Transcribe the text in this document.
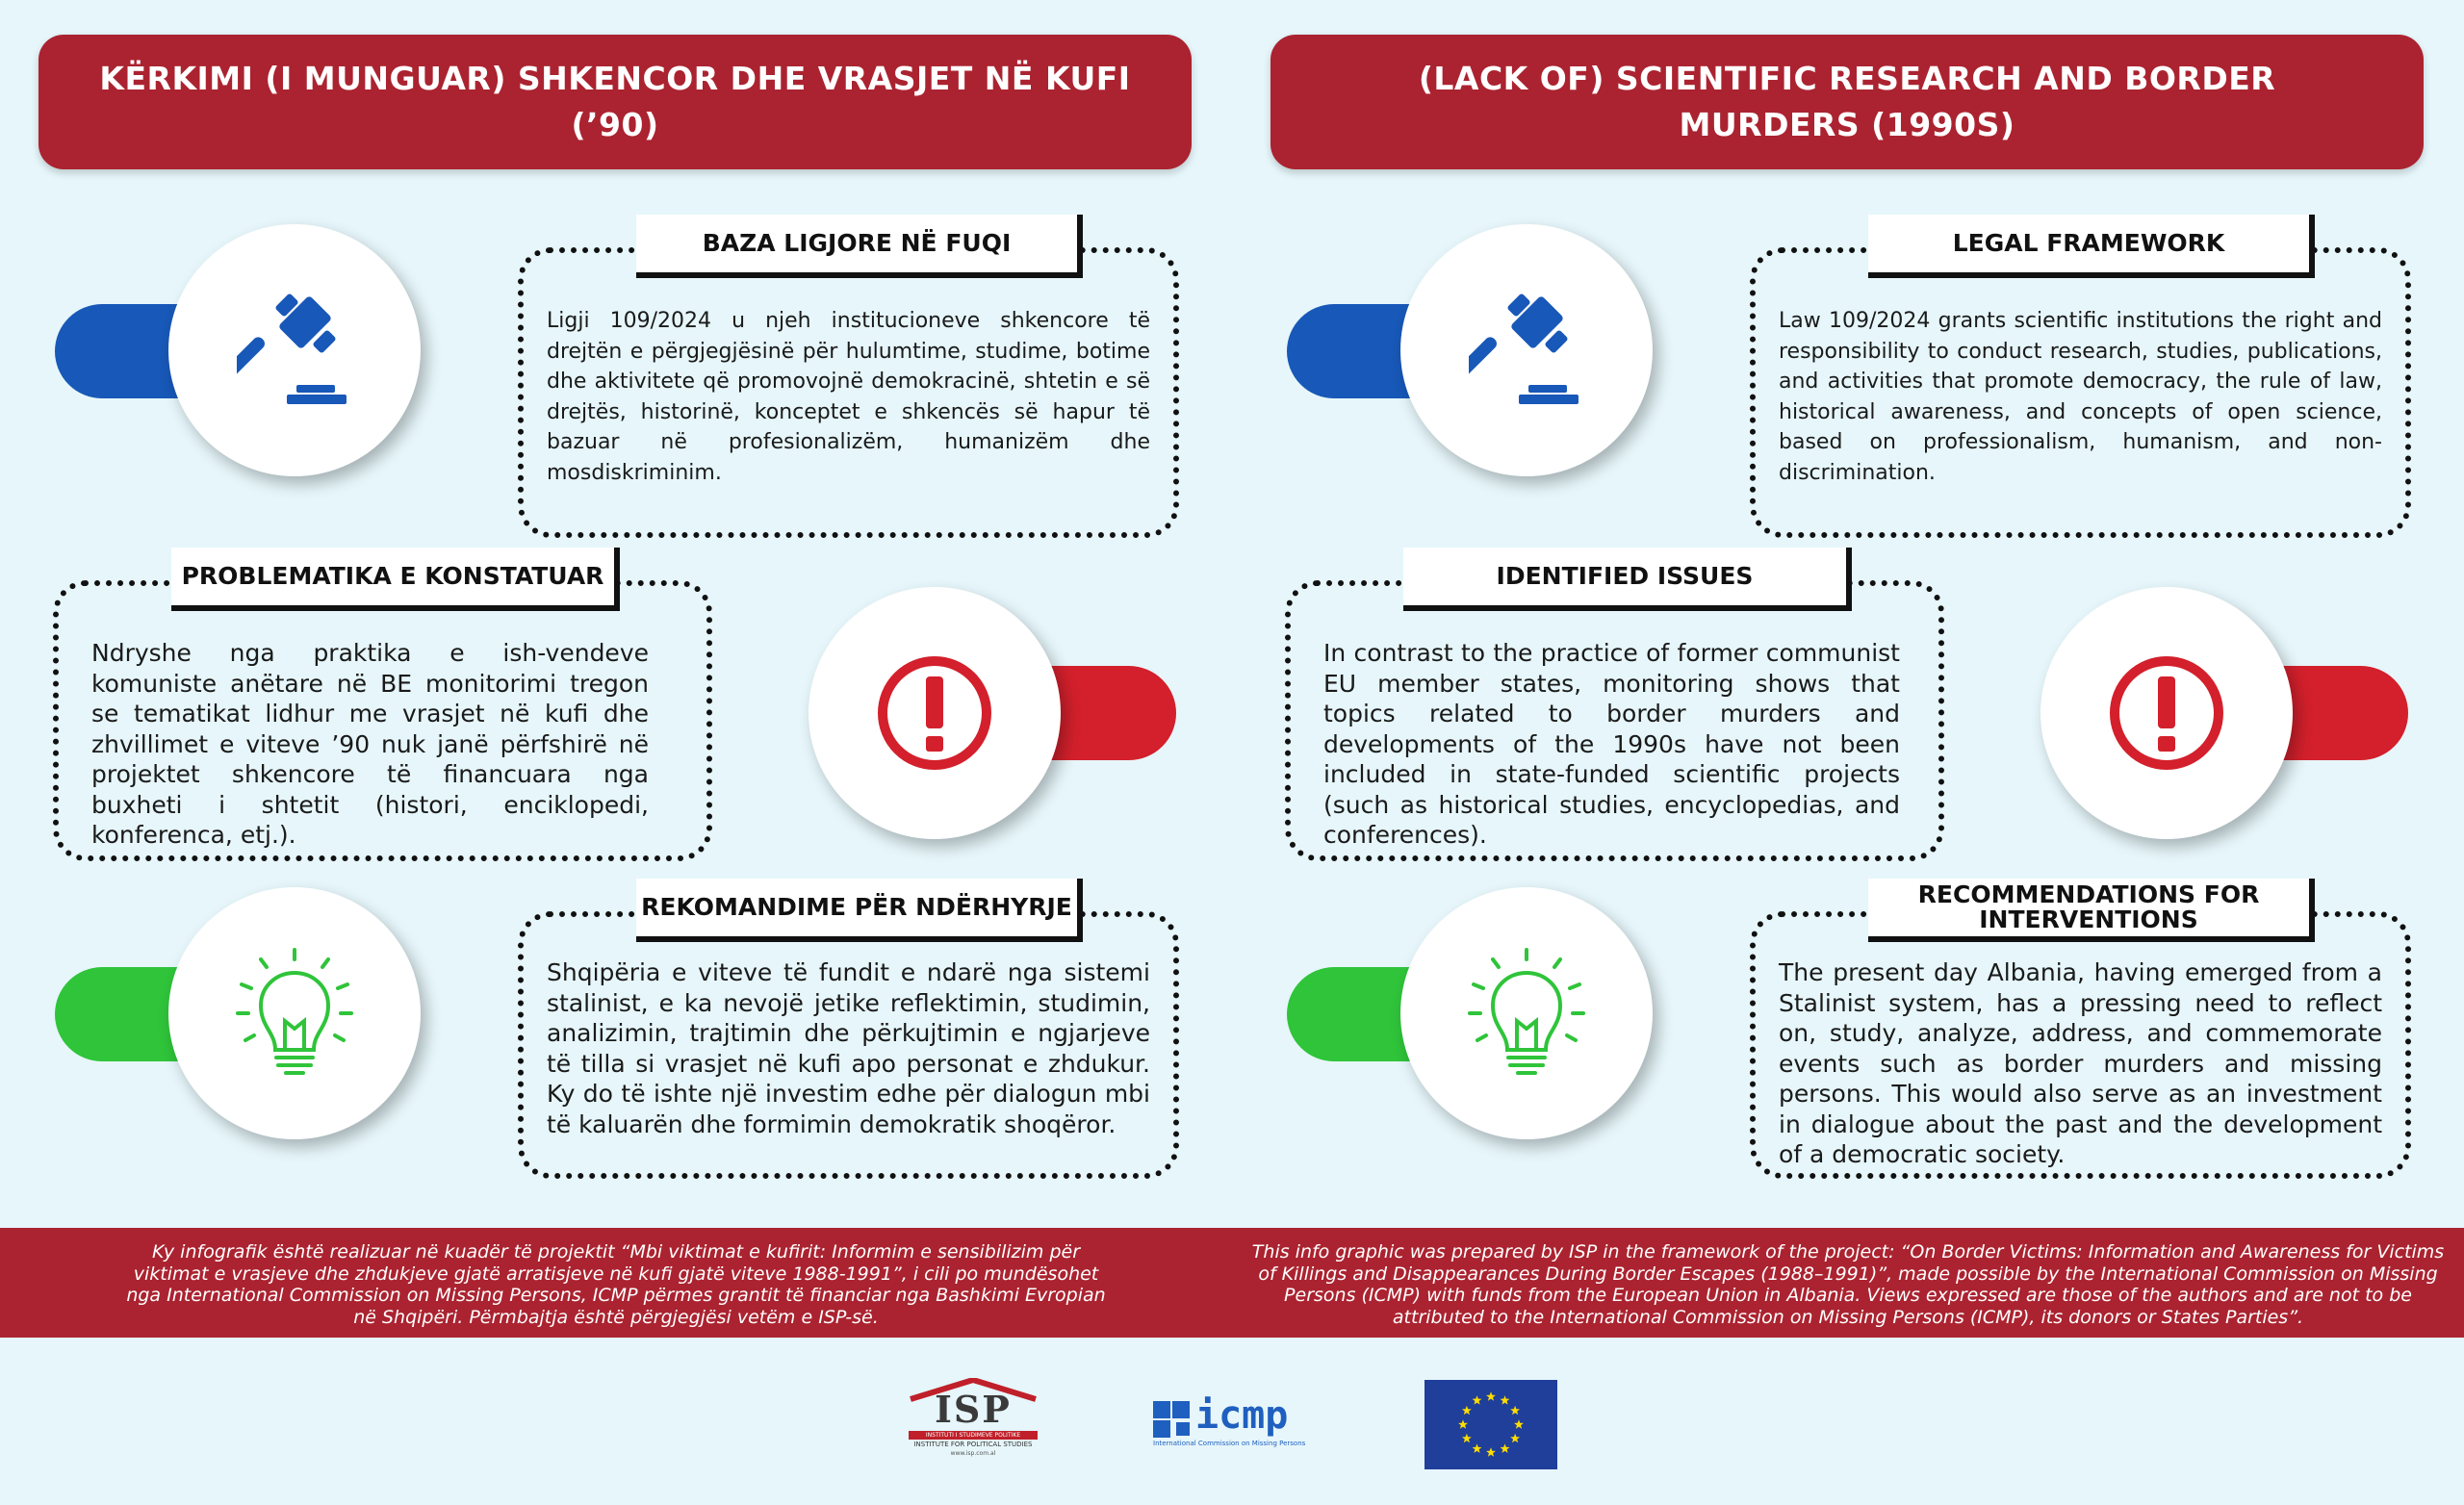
KËRKIMI (I MUNGUAR) SHKENCOR DHE VRASJET NË KUFI (’90)
BAZA LIGJORE NË FUQI
Ligji 109/2024 u njeh institucioneve shkencore të drejtën e përgjegjësinë për hulumtime, studime, botime dhe aktivitete që promovojnë demokracinë, shtetin e së drejtës, historinë, konceptet e shkencës së hapur të bazuar në profesionalizëm, humanizëm dhe mosdiskriminim.
PROBLEMATIKA E KONSTATUAR
Ndryshe nga praktika e ish-vendeve komuniste anëtare në BE monitorimi tregon se tematikat lidhur me vrasjet në kufi dhe zhvillimet e viteve ’90 nuk janë përfshirë në projektet shkencore të financuara nga buxheti i shtetit (histori, enciklopedi, konferenca, etj.).
REKOMANDIME PËR NDËRHYRJE
Shqipëria e viteve të fundit e ndarë nga sistemi stalinist, e ka nevojë jetike reflektimin, studimin, analizimin, trajtimin dhe përkujtimin e ngjarjeve të tilla si vrasjet në kufi apo personat e zhdukur. Ky do të ishte një investim edhe për dialogun mbi të kaluarën dhe formimin demokratik shoqëror.
(LACK OF) SCIENTIFIC RESEARCH AND BORDER MURDERS (1990S)
LEGAL FRAMEWORK
Law 109/2024 grants scientific institutions the right and responsibility to conduct research, studies, publications, and activities that promote democracy, the rule of law, historical awareness, and concepts of open science, based on professionalism, humanism, and non-discrimination.
IDENTIFIED ISSUES
In contrast to the practice of former communist EU member states, monitoring shows that topics related to border murders and developments of the 1990s have not been included in state-funded scientific projects (such as historical studies, encyclopedias, and conferences).
RECOMMENDATIONS FOR INTERVENTIONS
The present day Albania, having emerged from a Stalinist system, has a pressing need to reflect on, study, analyze, address, and commemorate events such as border murders and missing persons. This would also serve as an investment in dialogue about the past and the development of a democratic society.
Ky infografik është realizuar në kuadër të projektit “Mbi viktimat e kufirit: Informim e sensibilizim për viktimat e vrasjeve dhe zhdukjeve gjatë arratisjeve në kufi gjatë viteve 1988-1991”, i cili po mundësohet nga International Commission on Missing Persons, ICMP përmes grantit të financiar nga Bashkimi Evropian në Shqipëri. Përmbajtja është përgjegjësi vetëm e ISP-së.
This info graphic was prepared by ISP in the framework of the project: “On Border Victims: Information and Awareness for Victims of Killings and Disappearances During Border Escapes (1988–1991)”, made possible by the International Commission on Missing Persons (ICMP) with funds from the European Union in Albania. Views expressed are those of the authors and are not to be attributed to the International Commission on Missing Persons (ICMP), its donors or States Parties”.
ISP
INSTITUTI I STUDIMEVE POLITIKE
INSTITUTE FOR POLITICAL STUDIES
www.isp.com.al
icmp
International Commission on Missing Persons
